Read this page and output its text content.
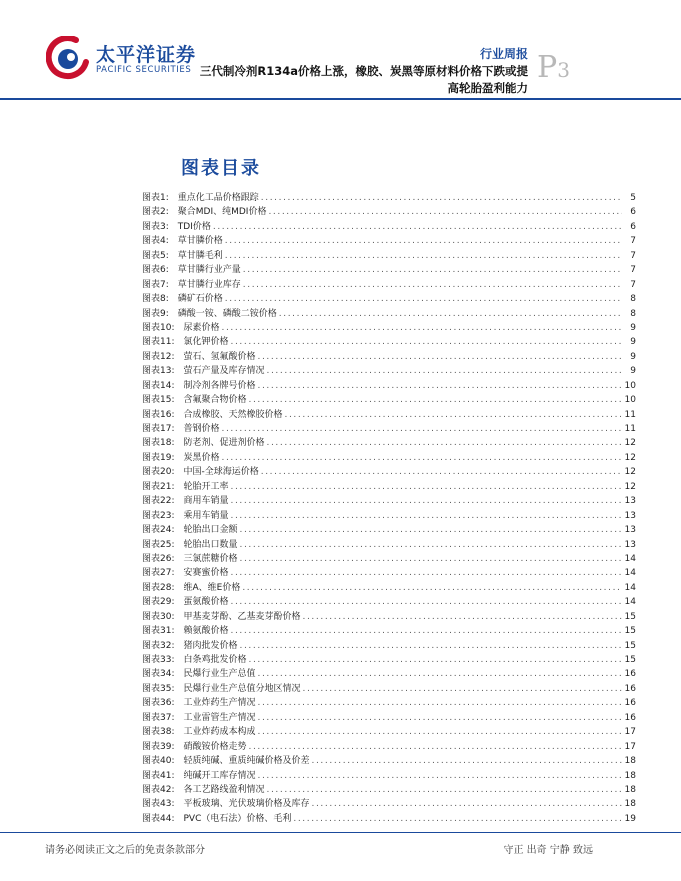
太平洋证券
PACIFIC SECURITIES
行业周报
三代制冷剂R134a价格上涨，橡胶、炭黑等原材料价格下跌或提
高轮胎盈利能力
P3
图表目录
图表1: 重点化工品价格跟踪 .....	5
图表2: 聚合MDI、纯MDI价格 .....	6
图表3: TDI价格 .....	6
图表4: 草甘膦价格 .....	7
图表5: 草甘膦毛利 .....	7
图表6: 草甘膦行业产量 .....	7
图表7: 草甘膦行业库存 .....	7
图表8: 磷矿石价格 .....	8
图表9: 磷酸一铵、磷酸二铵价格 .....	8
图表10: 尿素价格 .....	9
图表11: 氯化钾价格 .....	9
图表12: 萤石、氢氟酸价格 .....	9
图表13: 萤石产量及库存情况 .....	9
图表14: 制冷剂各牌号价格 .....	10
图表15: 含氟聚合物价格 .....	10
图表16: 合成橡胶、天然橡胶价格 .....	11
图表17: 普钢价格 .....	11
图表18: 防老剂、促进剂价格 .....	12
图表19: 炭黑价格 .....	12
图表20: 中国-全球海运价格 .....	12
图表21: 轮胎开工率 .....	12
图表22: 商用车销量 .....	13
图表23: 乘用车销量 .....	13
图表24: 轮胎出口金额 .....	13
图表25: 轮胎出口数量 .....	13
图表26: 三氯蔗糖价格 .....	14
图表27: 安赛蜜价格 .....	14
图表28: 维A、维E价格 .....	14
图表29: 蛋氨酸价格 .....	14
图表30: 甲基麦芽酚、乙基麦芽酚价格 .....	15
图表31: 赖氨酸价格 .....	15
图表32: 猪肉批发价格 .....	15
图表33: 白条鸡批发价格 .....	15
图表34: 民爆行业生产总值 .....	16
图表35: 民爆行业生产总值分地区情况 .....	16
图表36: 工业炸药生产情况 .....	16
图表37: 工业雷管生产情况 .....	16
图表38: 工业炸药成本构成 .....	17
图表39: 硝酸铵价格走势 .....	17
图表40: 轻质纯碱、重质纯碱价格及价差 .....	18
图表41: 纯碱开工库存情况 .....	18
图表42: 各工艺路线盈利情况 .....	18
图表43: 平板玻璃、光伏玻璃价格及库存 .....	18
图表44: PVC（电石法）价格、毛利 .....	19
请务必阅读正文之后的免责条款部分	守正 出奇 宁静 致远
